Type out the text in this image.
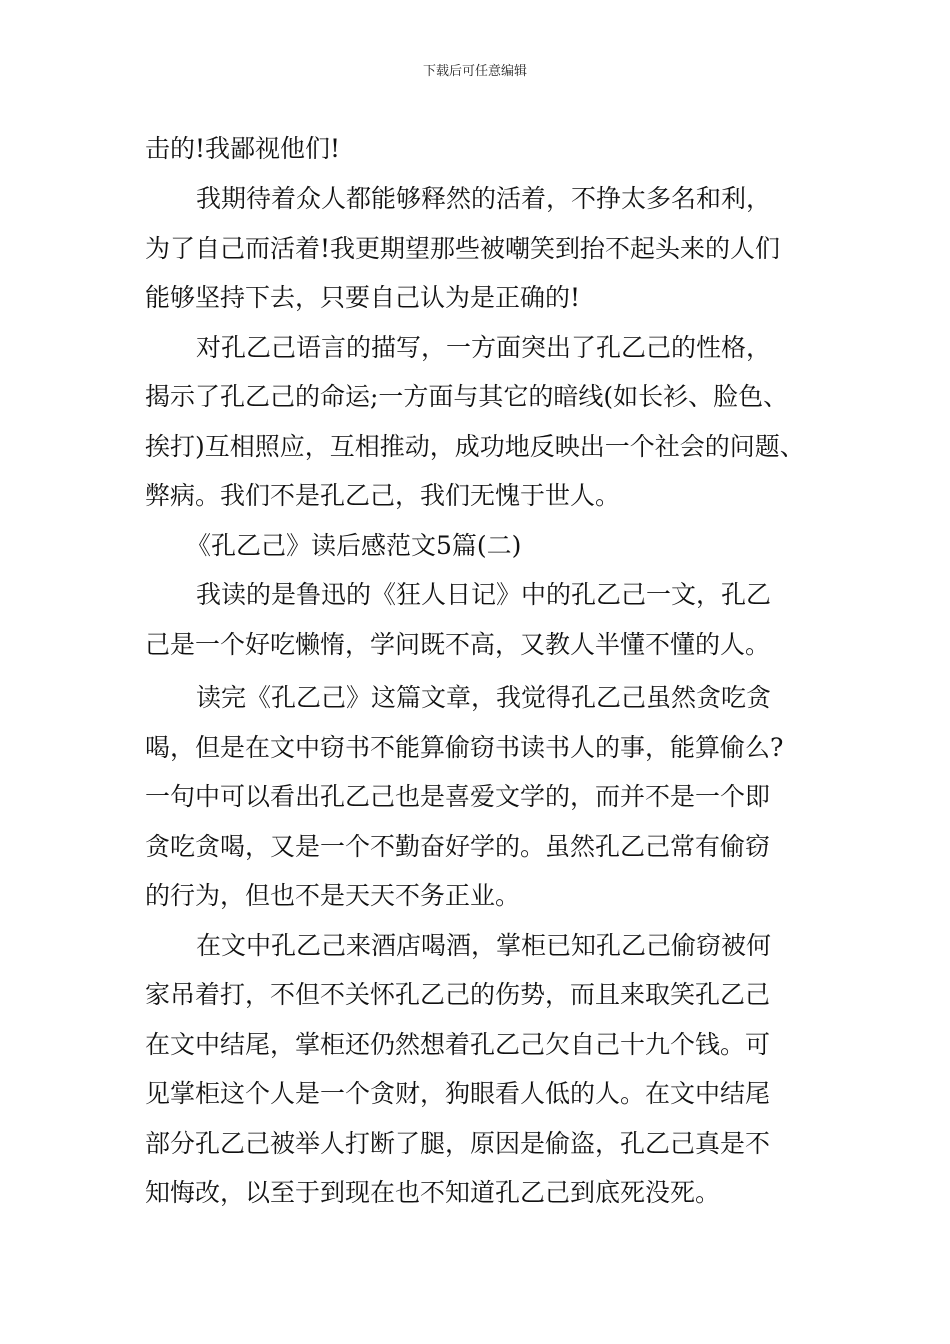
下载后可任意编辑
击的!我鄙视他们!
我期待着众人都能够释然的活着，不挣太多名和利，
为了自己而活着!我更期望那些被嘲笑到抬不起头来的人们
能够坚持下去，只要自己认为是正确的!
对孔乙己语言的描写，一方面突出了孔乙己的性格，
揭示了孔乙己的命运;一方面与其它的暗线(如长衫、脸色、
挨打)互相照应，互相推动，成功地反映出一个社会的问题、
弊病。我们不是孔乙己，我们无愧于世人。
《孔乙己》读后感范文5篇(二)
我读的是鲁迅的《狂人日记》中的孔乙己一文，孔乙
己是一个好吃懒惰，学问既不高，又教人半懂不懂的人。
读完《孔乙己》这篇文章，我觉得孔乙己虽然贪吃贪
喝，但是在文中窃书不能算偷窃书读书人的事，能算偷么?
一句中可以看出孔乙己也是喜爱文学的，而并不是一个即
贪吃贪喝，又是一个不勤奋好学的。虽然孔乙己常有偷窃
的行为，但也不是天天不务正业。
在文中孔乙己来酒店喝酒，掌柜已知孔乙己偷窃被何
家吊着打，不但不关怀孔乙己的伤势，而且来取笑孔乙己
在文中结尾，掌柜还仍然想着孔乙己欠自己十九个钱。可
见掌柜这个人是一个贪财，狗眼看人低的人。在文中结尾
部分孔乙己被举人打断了腿，原因是偷盗，孔乙己真是不
知悔改，以至于到现在也不知道孔乙己到底死没死。
